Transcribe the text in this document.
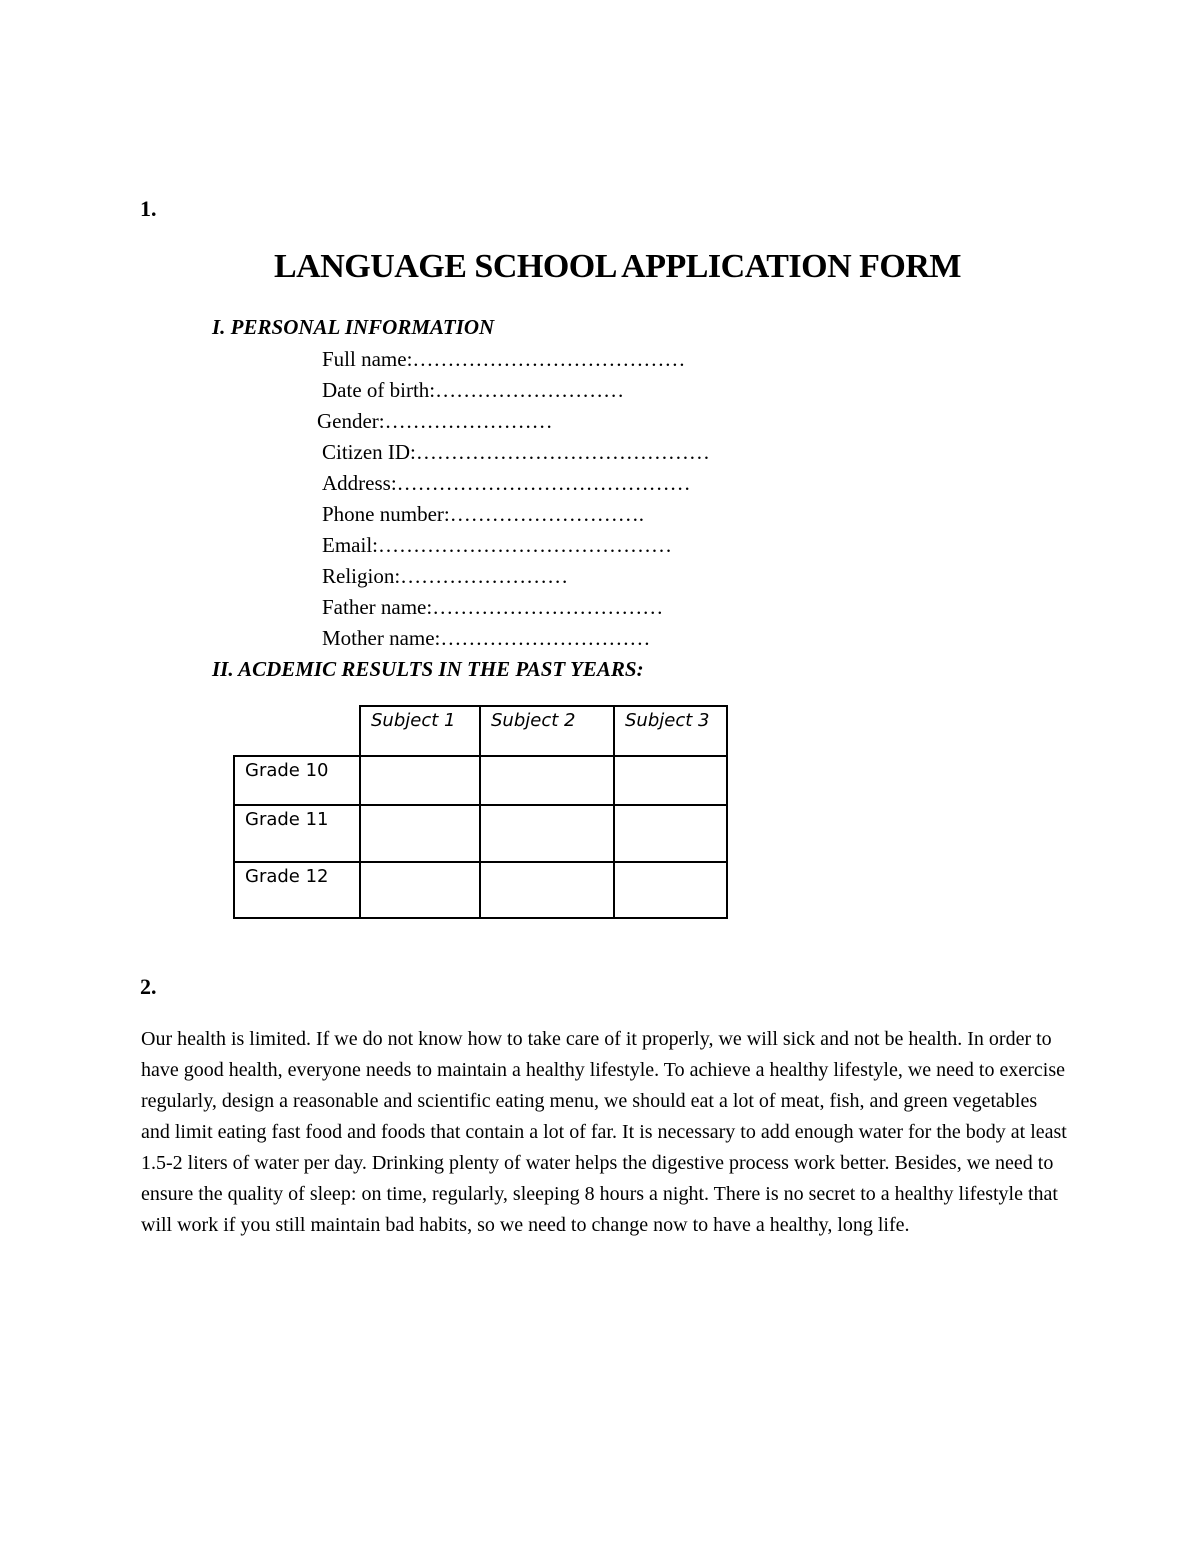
1.
LANGUAGE SCHOOL APPLICATION FORM
I. PERSONAL INFORMATION
Full name:…………………………………
Date of birth:………………………
Gender:……………………
Citizen ID:……………………………………
Address:……………………………………
Phone number:……………………….
Email:……………………………………
Religion:……………………
Father name:……………………………
Mother name:…………………………
II. ACDEMIC RESULTS IN THE PAST YEARS:
	Subject 1	Subject 2	Subject 3
Grade 10			
Grade 11			
Grade 12			
2.
Our health is limited. If we do not know how to take care of it properly, we will sick and not be health. In order to have good health, everyone needs to maintain a healthy lifestyle. To achieve a healthy lifestyle, we need to exercise regularly, design a reasonable and scientific eating menu, we should eat a lot of meat, fish, and green vegetables and limit eating fast food and foods that contain a lot of far. It is necessary to add enough water for the body at least 1.5-2 liters of water per day. Drinking plenty of water helps the digestive process work better. Besides, we need to ensure the quality of sleep: on time, regularly, sleeping 8 hours a night. There is no secret to a healthy lifestyle that will work if you still maintain bad habits, so we need to change now to have a healthy, long life.
